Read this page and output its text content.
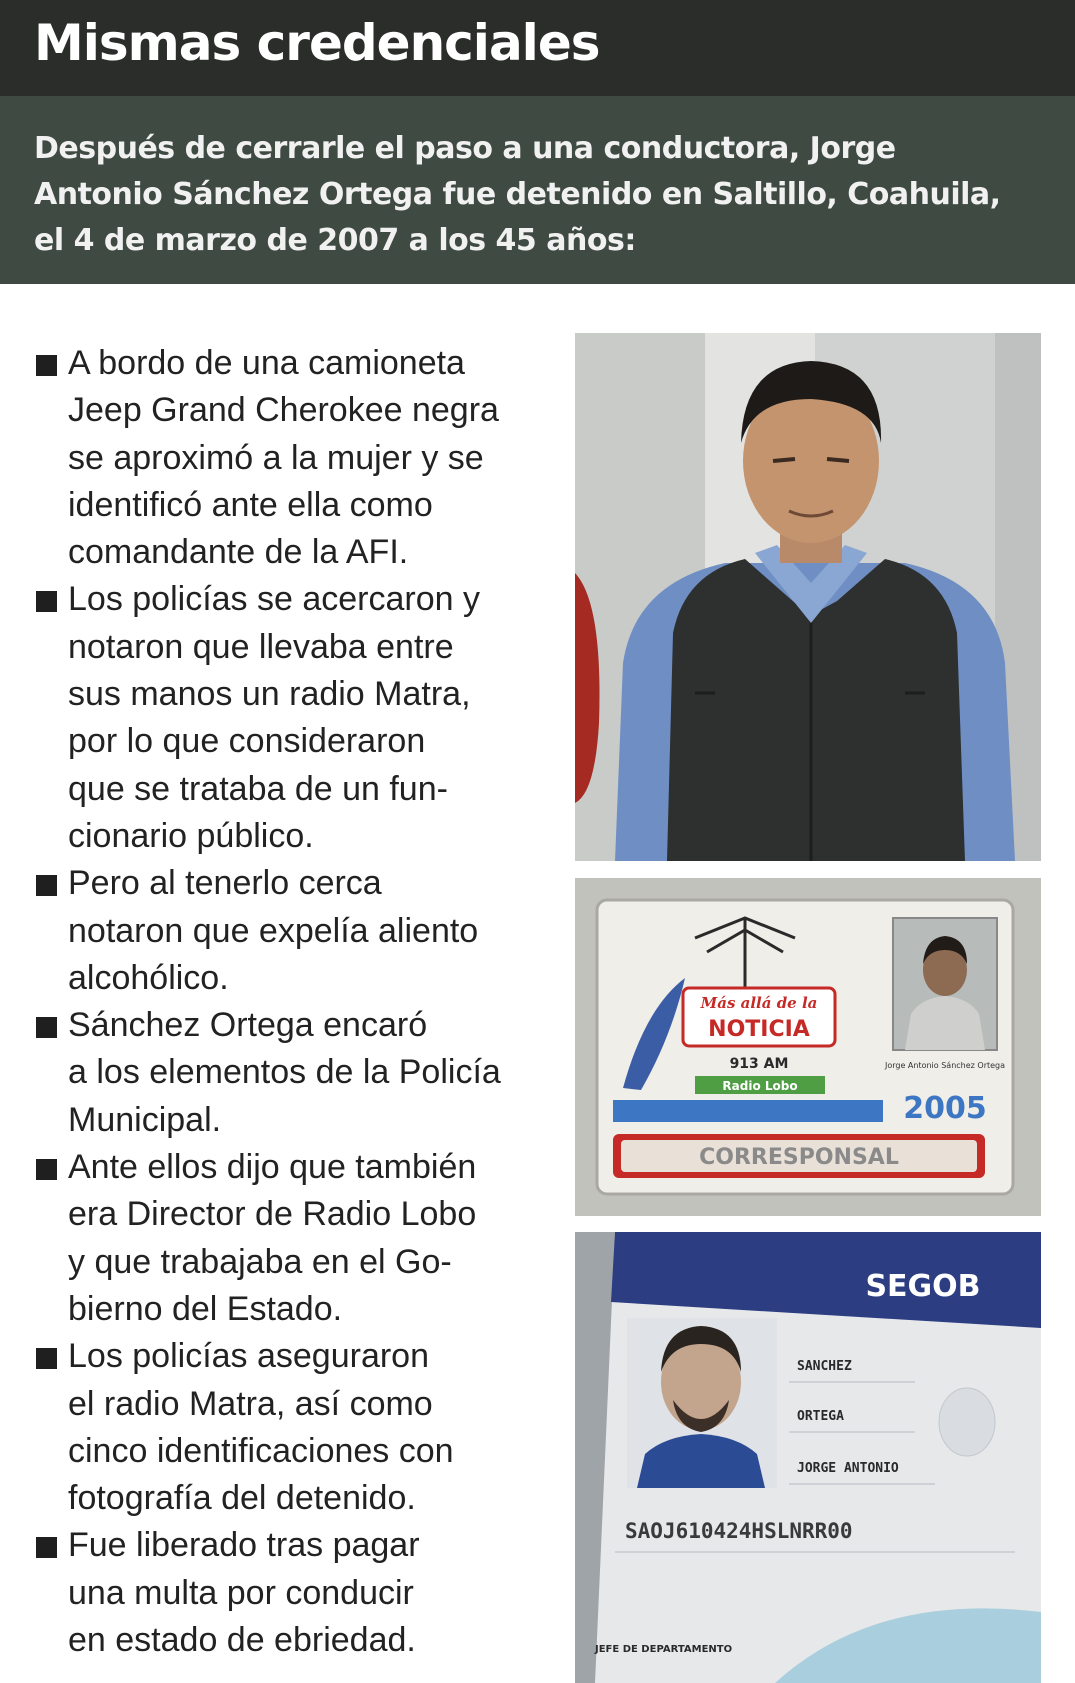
Mismas credenciales
Después de cerrarle el paso a una conductora, Jorge
Antonio Sánchez Ortega fue detenido en Saltillo, Coahuila,
el 4 de marzo de 2007 a los 45 años:
A bordo de una camioneta
Jeep Grand Cherokee negra
se aproximó a la mujer y se
identificó ante ella como
comandante de la AFI.
Los policías se acercaron y
notaron que llevaba entre
sus manos un radio Matra,
por lo que consideraron
que se trataba de un fun-
cionario público.
Pero al tenerlo cerca
notaron que expelía aliento
alcohólico.
Sánchez Ortega encaró
a los elementos de la Policía
Municipal.
Ante ellos dijo que también
era Director de Radio Lobo
y que trabajaba en el Go-
bierno del Estado.
Los policías aseguraron
el radio Matra, así como
cinco identificaciones con
fotografía del detenido.
Fue liberado tras pagar
una multa por conducir
en estado de ebriedad.
Más allá de la
NOTICIA
913 AM
Radio Lobo
Jorge Antonio Sánchez Ortega
2005
CORRESPONSAL
SEGOB
SANCHEZ
ORTEGA
JORGE ANTONIO
SAOJ610424HSLNRR00
JEFE DE DEPARTAMENTO
